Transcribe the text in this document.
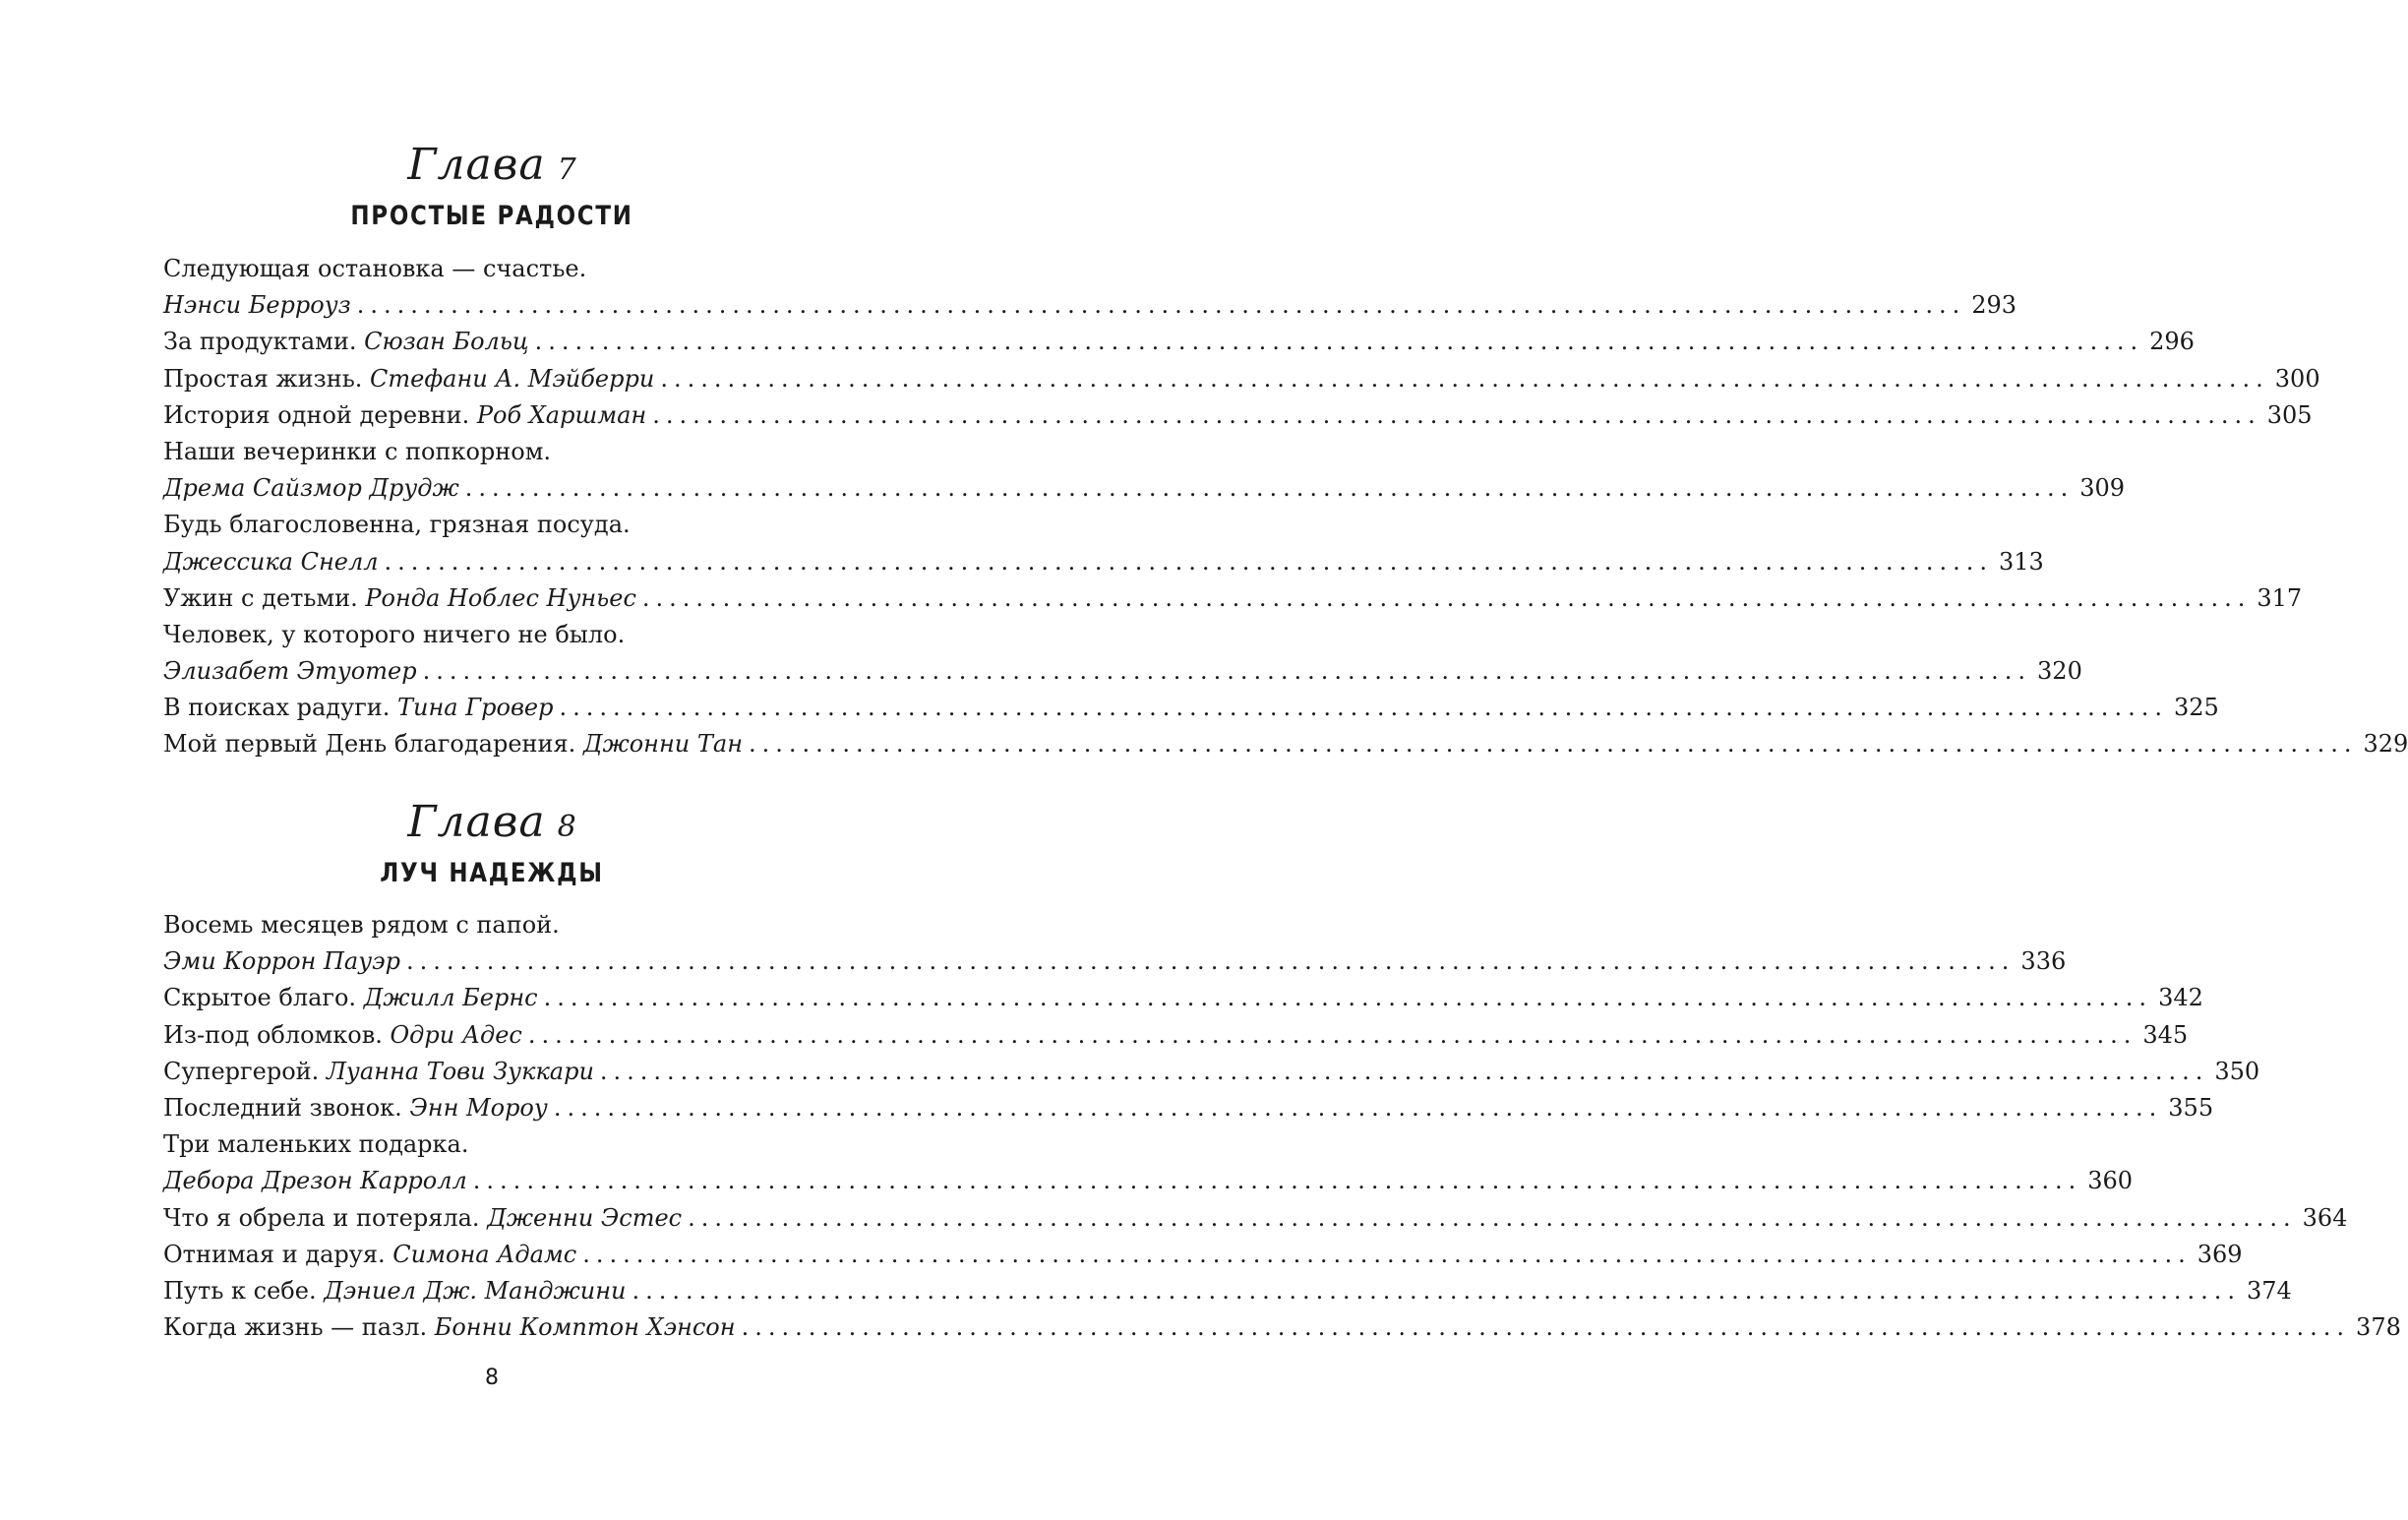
Глава 7
ПРОСТЫЕ РАДОСТИ
Следующая остановка — счастье.
Нэнси Берроуз ........................................................................................................................ 293
За продуктами. Сюзан Больц ........................................................................................................................ 296
Простая жизнь. Стефани А. Мэйберри ........................................................................................................................ 300
История одной деревни. Роб Харшман ........................................................................................................................ 305
Наши вечеринки с попкорном.
Дрема Сайзмор Друдж ........................................................................................................................ 309
Будь благословенна, грязная посуда.
Джессика Снелл ........................................................................................................................ 313
Ужин с детьми. Ронда Ноблес Нуньес ........................................................................................................................ 317
Человек, у которого ничего не было.
Элизабет Этуотер ........................................................................................................................ 320
В поисках радуги. Тина Гровер ........................................................................................................................ 325
Мой первый День благодарения. Джонни Тан ........................................................................................................................ 329
Глава 8
ЛУЧ НАДЕЖДЫ
Восемь месяцев рядом с папой.
Эми Коррон Пауэр ........................................................................................................................ 336
Скрытое благо. Джилл Бернс ........................................................................................................................ 342
Из-под обломков. Одри Адес ........................................................................................................................ 345
Супергерой. Луанна Тови Зуккари ........................................................................................................................ 350
Последний звонок. Энн Мороу ........................................................................................................................ 355
Три маленьких подарка.
Дебора Дрезон Карролл ........................................................................................................................ 360
Что я обрела и потеряла. Дженни Эстес ........................................................................................................................ 364
Отнимая и даруя. Симона Адамс ........................................................................................................................ 369
Путь к себе. Дэниел Дж. Манджини ........................................................................................................................ 374
Когда жизнь — пазл. Бонни Комптон Хэнсон ........................................................................................................................ 378
8
